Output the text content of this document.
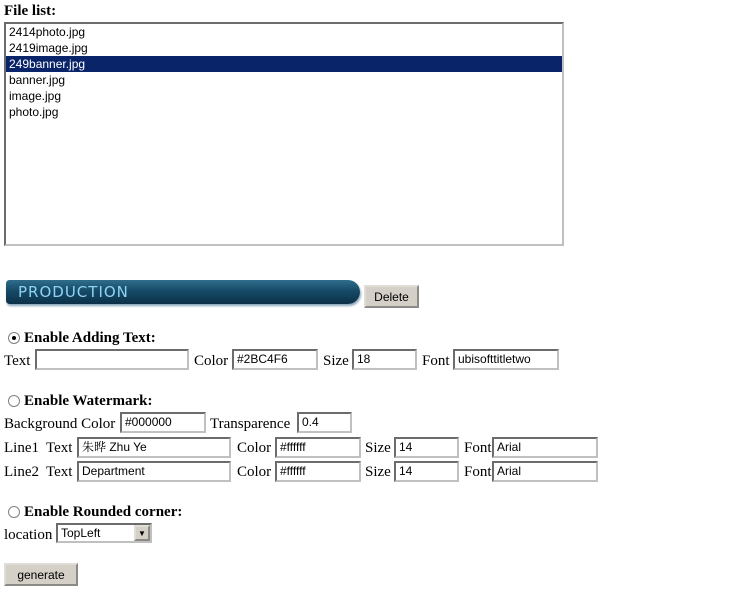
File list:
2414photo.jpg
2419image.jpg
249banner.jpg
banner.jpg
image.jpg
photo.jpg
PRODUCTION	Delete
Enable Adding Text:
Text	Color #2BC4F6	Size 18	Font ubisofttitletwo
Enable Watermark:
Background Color #000000	Transparence 0.4
Line1 Text 朱晔 Zhu Ye	Color #ffffff	Size 14	Font Arial
Line2 Text Department	Color #ffffff	Size 14	Font Arial
Enable Rounded corner:
location TopLeft	▼
generate
